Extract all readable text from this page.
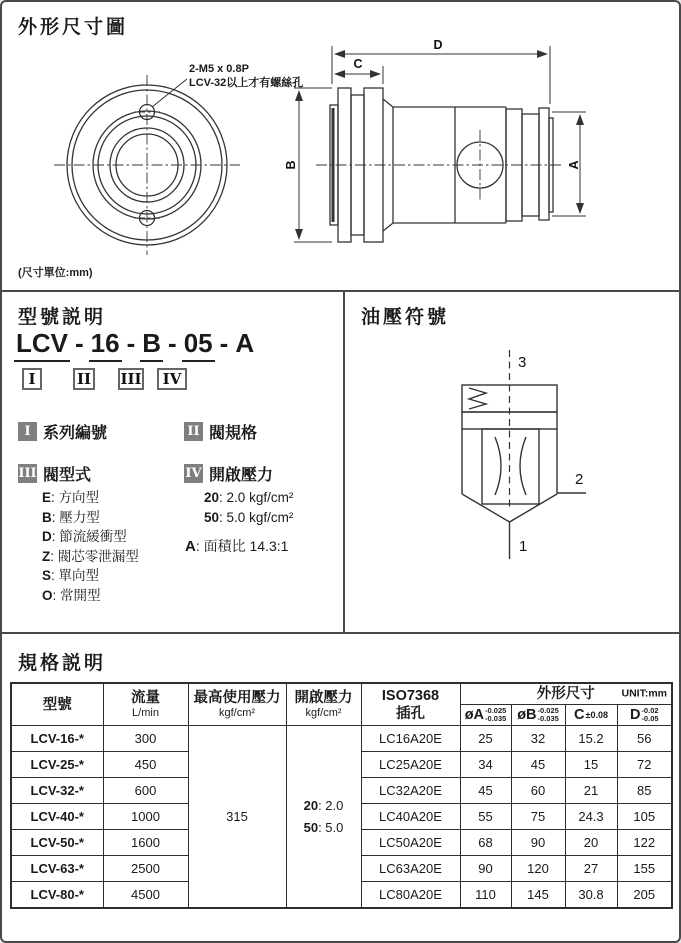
2-M5 x 0.8P
LCV-32以上才有螺絲孔
D
C
B	A
外形尺寸圖
(尺寸單位:mm)
型號説明
LCV - 16 - B - 05 - A
I	II III	IV
I 系列編號	II 閥規格
III 閥型式	IV 開啟壓力
E: 方向型
B: 壓力型
D: 節流緩衝型
Z: 閥芯零泄漏型
S: 單向型
O: 常開型
20: 2.0 kgf/cm²
50: 5.0 kgf/cm²
A: 面積比 14.3:1
油壓符號
3
2
1
規格説明
型號	流量
L/min

最高使用壓力
kgf/cm²

開啟壓力
kgf/cm²

ISO7368
插孔
	外形尺寸	UNIT:mm

					øA -0.025
-0.035	øB -0.025
-0.035	C±0.08	D -0.02
-0.05

LCV-16-*	300	315	20: 2.0
50: 5.0	LC16A20E	25	32	15.2	56
LCV-25-*	450			LC25A20E	34	45	15	72
LCV-32-*	600			LC32A20E	45	60	21	85
LCV-40-*	1000			LC40A20E	55	75	24.3	105
LCV-50-*	1600			LC50A20E	68	90	20	122
LCV-63-*	2500			LC63A20E	90	120	27	155
LCV-80-*	4500			LC80A20E	110	145	30.8	205
